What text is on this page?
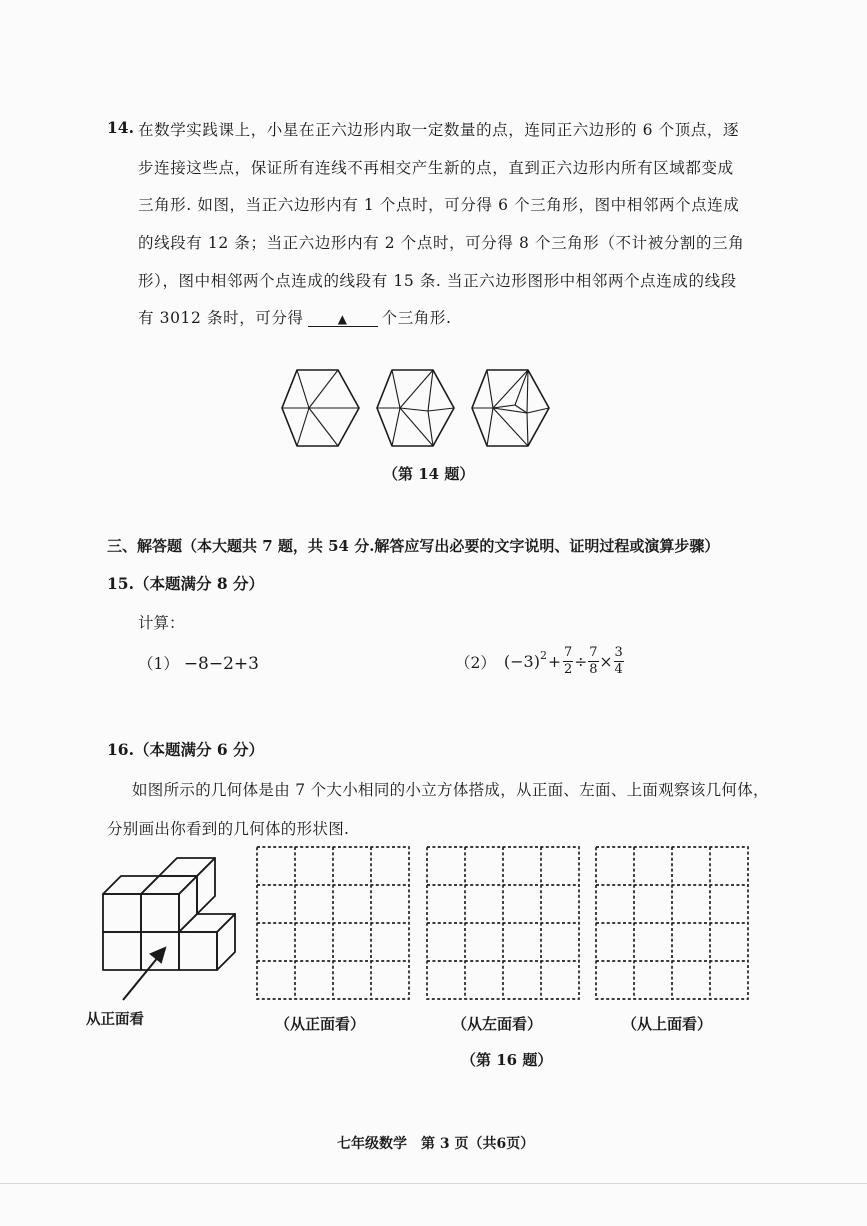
14. 在数学实践课上，小星在正六边形内取一定数量的点，连同正六边形的 6 个顶点，逐
步连接这些点，保证所有连线不再相交产生新的点，直到正六边形内所有区域都变成
三角形. 如图，当正六边形内有 1 个点时，可分得 6 个三角形，图中相邻两个点连成
的线段有 12 条；当正六边形内有 2 个点时，可分得 8 个三角形（不计被分割的三角
形），图中相邻两个点连成的线段有 15 条. 当正六边形图形中相邻两个点连成的线段
有 3012 条时，可分得	▲ 个三角形.
（第 14 题）
三、解答题（本大题共 7 题，共 54 分.解答应写出必要的文字说明、证明过程或演算步骤）
15.（本题满分 8 分）
计算：
（1） −8−2+3	（2） $(-3)^2 + \frac{7}{2} \div \frac{7}{8} \times \frac{3}{4}$
16.（本题满分 6 分）
如图所示的几何体是由 7 个大小相同的小立方体搭成，从正面、左面、上面观察该几何体，
分别画出你看到的几何体的形状图.
从正面看	（从正面看）	（从左面看）	（从上面看）
（第 16 题）
七年级数学　第 3 页（共6页）
